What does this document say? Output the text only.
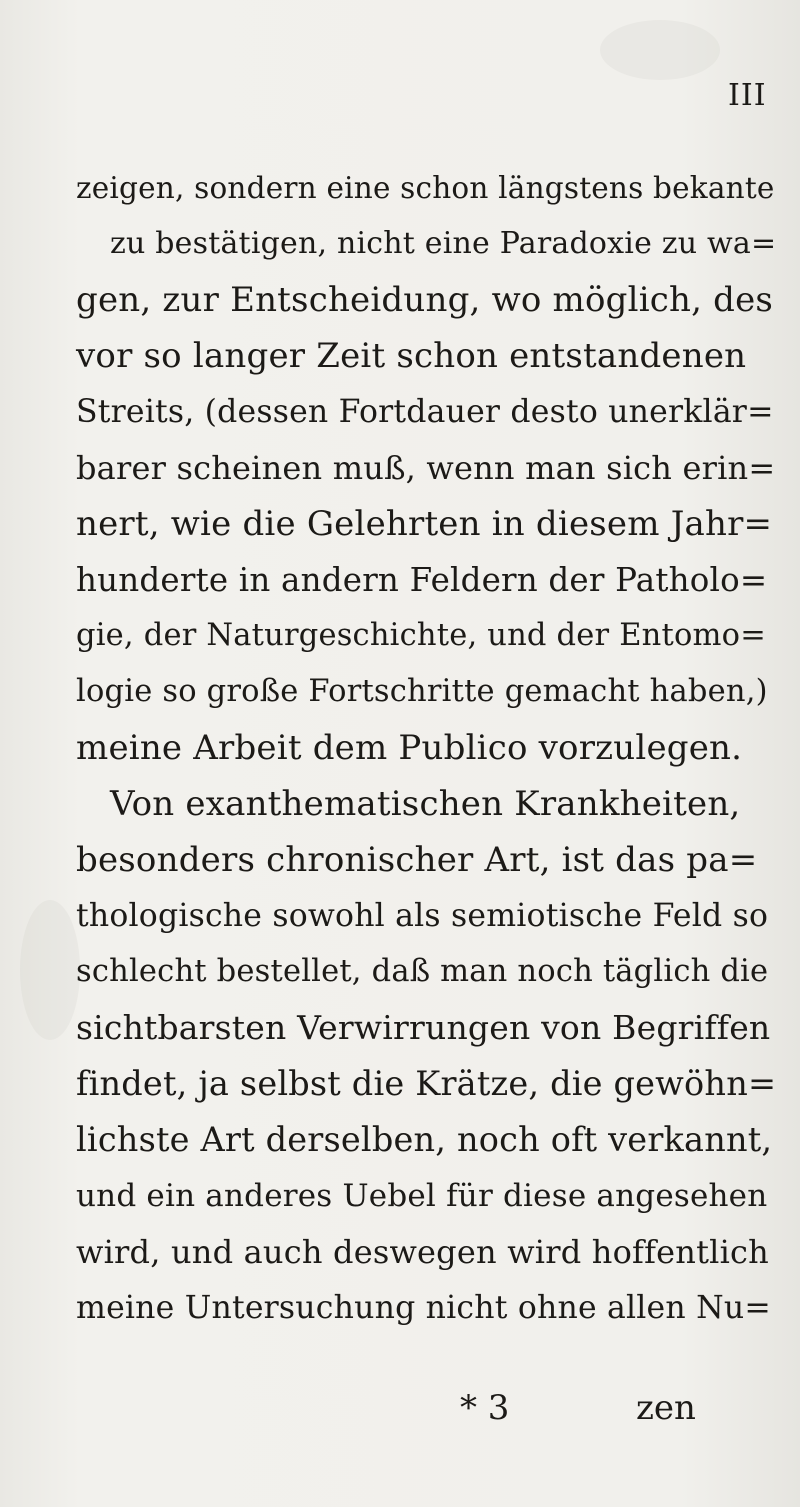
III
zeigen, sondern eine schon längstens bekante
zu bestätigen, nicht eine Paradoxie zu wa=
gen, zur Entscheidung, wo möglich, des
vor so langer Zeit schon entstandenen
Streits, (dessen Fortdauer desto unerklär=
barer scheinen muß, wenn man sich erin=
nert, wie die Gelehrten in diesem Jahr=
hunderte in andern Feldern der Patholo=
gie, der Naturgeschichte, und der Entomo=
logie so große Fortschritte gemacht haben,)
meine Arbeit dem Publico vorzulegen.
Von exanthematischen Krankheiten,
besonders chronischer Art, ist das pa=
thologische sowohl als semiotische Feld so
schlecht bestellet, daß man noch täglich die
sichtbarsten Verwirrungen von Begriffen
findet, ja selbst die Krätze, die gewöhn=
lichste Art derselben, noch oft verkannt,
und ein anderes Uebel für diese angesehen
wird, und auch deswegen wird hoffentlich
meine Untersuchung nicht ohne allen Nu=
* 3	zen
